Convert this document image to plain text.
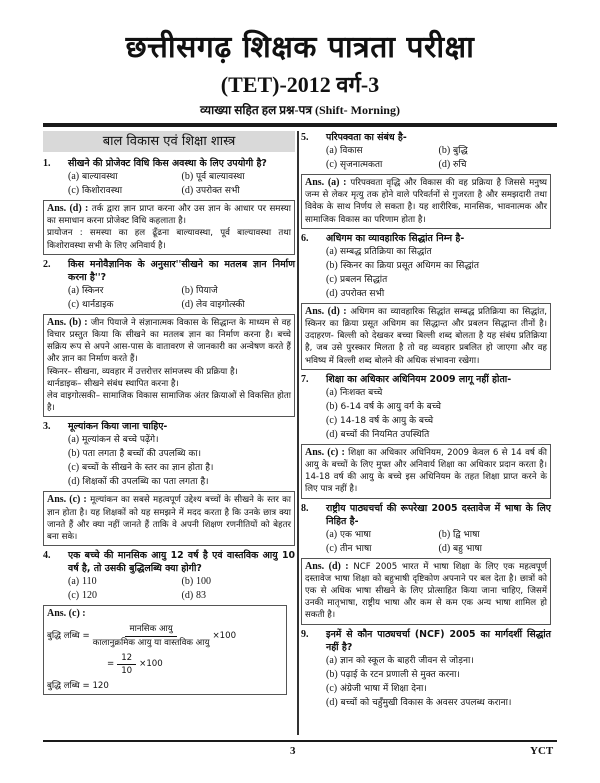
छत्तीसगढ़ शिक्षक पात्रता परीक्षा
(TET)-2012 वर्ग-3
व्याख्या सहित हल प्रश्न-पत्र (Shift- Morning)
बाल विकास एवं शिक्षा शास्त्र
1.	सीखने की प्रोजेक्ट विधि किस अवस्था के लिए उपयोगी है?
(a) बाल्यावस्था	(b) पूर्व बाल्यावस्था
(c) किशोरावस्था	(d) उपरोक्त सभी
Ans. (d) : तर्क द्वारा ज्ञान प्राप्त करना और उस ज्ञान के आधार पर समस्या का समाधान करना प्रोजेक्ट विधि कहलाता है।
प्रायोजन : समस्या का हल ढूँढना बाल्यावस्था, पूर्व बाल्यावस्था तथा किशोरावस्था सभी के लिए अनिवार्य है।
2.	किस मनोवैज्ञानिक के अनुसार''सीखने का मतलब ज्ञान निर्माण करना है''?
(a) स्किनर	(b) पियाजे
(c) थार्नडाइक	(d) लेव वाइगोत्स्की
Ans. (b) : जीन पियाजे ने संज्ञानात्मक विकास के सिद्धान्त के माध्यम से वह विचार प्रस्तुत किया कि सीखने का मतलब ज्ञान का निर्माण करना है। बच्चे सक्रिय रूप से अपने आस-पास के वातावरण से जानकारी का अन्वेषण करते हैं और ज्ञान का निर्माण करते हैं।
स्किनर– सीखना, व्यवहार में उत्तरोत्तर सांमजस्य की प्रक्रिया है।
थार्नडाइक– सीखने संबंध स्थापित करना है।
लेव वाइगोत्सकी– सामाजिक विकास सामाजिक अंतर क्रियाओं से विकसित होता है।
3.	मूल्यांकन किया जाना चाहिए-
(a) मूल्यांकन से बच्चे पढ़ेंगे।
(b) पता लगता है बच्चों की उपलब्धि का।
(c) बच्चों के सीखने के स्तर का ज्ञान होता है।
(d) शिक्षकों की उपलब्धि का पता लगता है।
Ans. (c) : मूल्यांकन का सबसे महत्वपूर्ण उद्देश्य बच्चों के सीखने के स्तर का ज्ञान होता है। यह शिक्षकों को यह समझने में मदद करता है कि उनके छात्र क्या जानते हैं और क्या नहीं जानते हैं ताकि वे अपनी शिक्षण रणनीतियों को बेहतर बना सके।
4.	एक बच्चे की मानसिक आयु 12 वर्ष है एवं वास्तविक आयु 10 वर्ष है, तो उसकी बुद्धिलब्धि क्या होगी?
(a) 110	(b) 100
(c) 120	(d) 83
Ans. (c) :
बुद्धि लब्धि = $\frac{\text{मानसिक आयु}}{\text{कालानुक्रमिक आयु या वास्तविक आयु}} \times 100$
= $\frac{12}{10} \times 100$
बुद्धि लब्धि = 120
5.	परिपक्वता का संबंध है-
(a) विकास	(b) बुद्धि
(c) सृजनात्मकता	(d) रुचि
Ans. (a) : परिपक्वता वृद्धि और विकास की वह प्रक्रिया है जिससे मनुष्य जन्म से लेकर मृत्यु तक होने वाले परिवर्तनों से गुजरता है और समझदारी तथा विवेक के साथ निर्णय ले सकता है। यह शारीरिक, मानसिक, भावनात्मक और सामाजिक विकास का परिणाम होता है।
6.	अधिगम का व्यावहारिक सिद्धांत निम्न है-
(a) सम्बद्ध प्रतिक्रिया का सिद्धांत
(b) स्किनर का क्रिया प्रसूत अधिगम का सिद्धांत
(c) प्रबलन सिद्धांत
(d) उपरोक्त सभी
Ans. (d) : अधिगम का व्यावहारिक सिद्धांत सम्बद्ध प्रतिक्रिया का सिद्धांत, स्किनर का क्रिया प्रसूत अधिगम का सिद्धान्त और प्रबलन सिद्धान्त तीनों है। उदाहरण- बिल्ली को देखकर बच्चा बिल्ली शब्द बोलता है यह संबंध प्रतिक्रिया है, जब उसे पुरस्कार मिलता है तो वह व्यवहार प्रबलित हो जाएगा और वह भविष्य में बिल्ली शब्द बोलने की अधिक संभावना रखेगा।
7.	शिक्षा का अधिकार अधिनियम 2009 लागू नहीं होता-
(a) निःशक्त बच्चे
(b) 6-14 वर्ष के आयु वर्ग के बच्चे
(c) 14-18 वर्ष के आयु के बच्चे
(d) बच्चों की नियमित उपस्थिति
Ans. (c) : शिक्षा का अधिकार अधिनियम, 2009 केवल 6 से 14 वर्ष की आयु के बच्चों के लिए मुफ्त और अनिवार्य शिक्षा का अधिकार प्रदान करता है। 14-18 वर्ष की आयु के बच्चे इस अधिनियम के तहत शिक्षा प्राप्त करने के लिए पात्र नहीं है।
8.	राष्ट्रीय पाठ्यचर्चा की रूपरेखा 2005 दस्तावेज में भाषा के लिए निहित है-
(a) एक भाषा	(b) द्वि भाषा
(c) तीन भाषा	(d) बहु भाषा
Ans. (d) : NCF 2005 भारत में भाषा शिक्षा के लिए एक महत्वपूर्ण दस्तावेज भाषा शिक्षा को बहुभाषी दृष्टिकोण अपनाने पर बल देता है। छात्रों को एक से अधिक भाषा सीखने के लिए प्रोत्साहित किया जाना चाहिए, जिसमें उनकी मातृभाषा, राष्ट्रीय भाषा और कम से कम एक अन्य भाषा शामिल हो सकती है।
9.	इनमें से कौन पाठ्यचर्चा (NCF) 2005 का मार्गदर्शी सिद्धांत नहीं है?
(a) ज्ञान को स्कूल के बाहरी जीवन से जोड़ना।
(b) पढ़ाई के रटन प्रणाली से मुक्त करना।
(c) अंग्रेजी भाषा में शिक्षा देना।
(d) बच्चों को चहुँमुखी विकास के अवसर उपलब्ध कराना।
3	YCT
